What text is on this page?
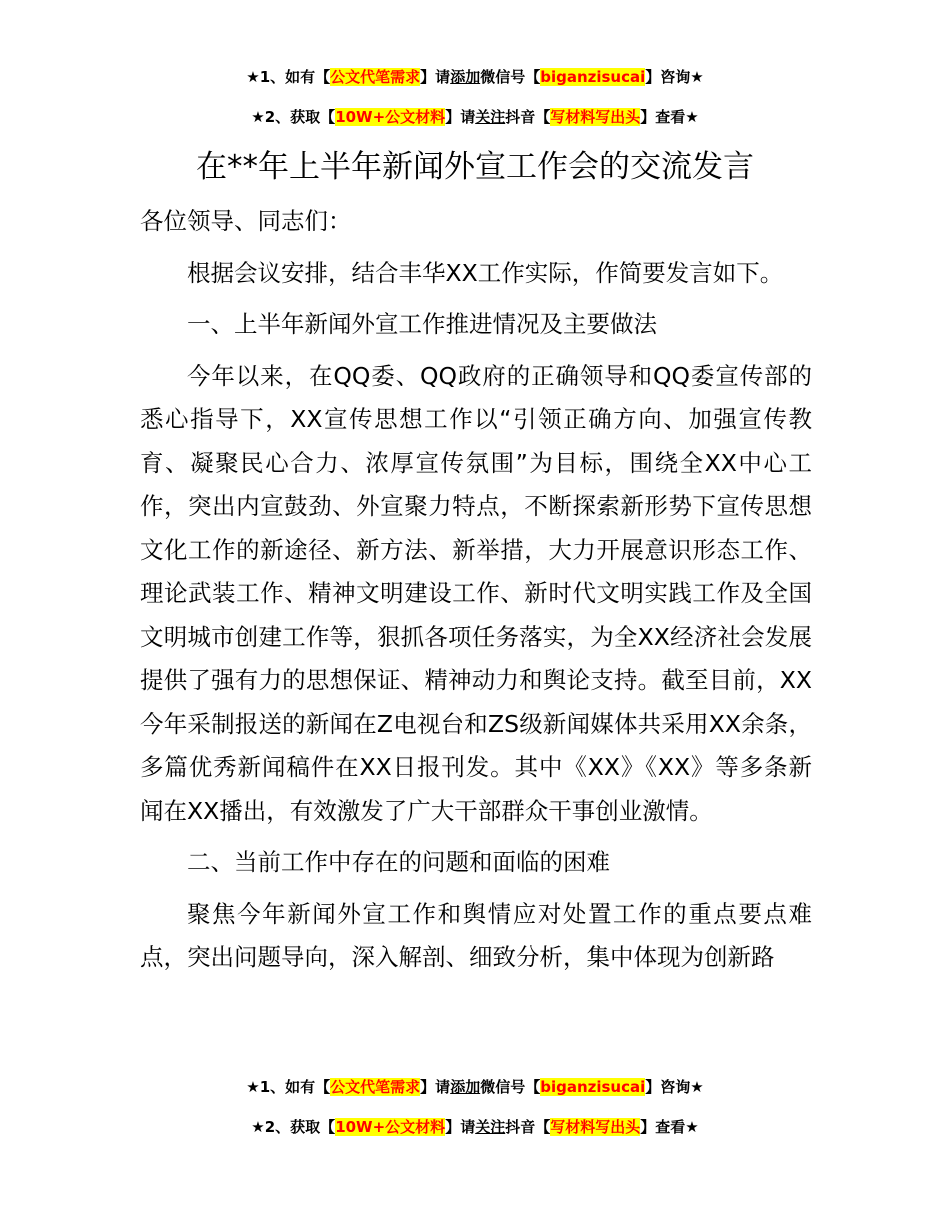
★1、如有【公文代笔需求】请添加微信号【biganzisucai】咨询★
★2、获取【10W+公文材料】请关注抖音【写材料写出头】查看★
在**年上半年新闻外宣工作会的交流发言

各位领导、同志们：

根据会议安排，结合丰华XX工作实际，作简要发言如下。

一、上半年新闻外宣工作推进情况及主要做法

今年以来，在QQ委、QQ政府的正确领导和QQ委宣传部的悉心指导下，XX宣传思想工作以“引领正确方向、加强宣传教育、凝聚民心合力、浓厚宣传氛围”为目标，围绕全XX中心工作，突出内宣鼓劲、外宣聚力特点，不断探索新形势下宣传思想文化工作的新途径、新方法、新举措，大力开展意识形态工作、理论武装工作、精神文明建设工作、新时代文明实践工作及全国文明城市创建工作等，狠抓各项任务落实，为全XX经济社会发展提供了强有力的思想保证、精神动力和舆论支持。截至目前，XX今年采制报送的新闻在Z电视台和ZS级新闻媒体共采用XX余条，多篇优秀新闻稿件在XX日报刊发。其中《XX》《XX》等多条新闻在XX播出，有效激发了广大干部群众干事创业激情。

二、当前工作中存在的问题和面临的困难

聚焦今年新闻外宣工作和舆情应对处置工作的重点要点难点，突出问题导向，深入解剖、细致分析，集中体现为创新路

★1、如有【公文代笔需求】请添加微信号【biganzisucai】咨询★
★2、获取【10W+公文材料】请关注抖音【写材料写出头】查看★
